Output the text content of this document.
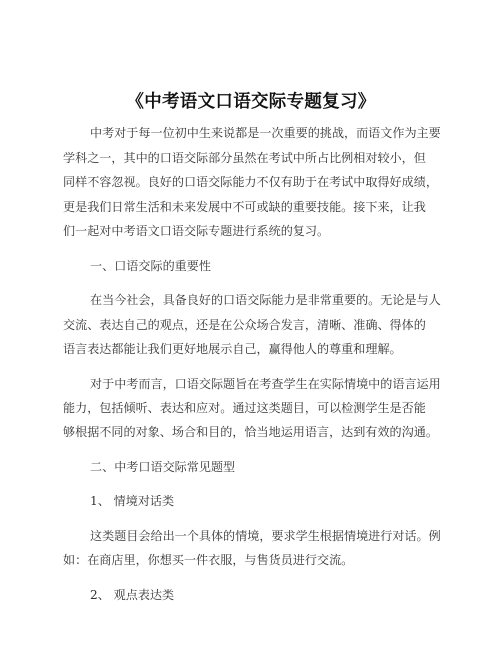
《中考语文口语交际专题复习》
中考对于每一位初中生来说都是一次重要的挑战，而语文作为主要
学科之一，其中的口语交际部分虽然在考试中所占比例相对较小，但
同样不容忽视。良好的口语交际能力不仅有助于在考试中取得好成绩，
更是我们日常生活和未来发展中不可或缺的重要技能。接下来，让我
们一起对中考语文口语交际专题进行系统的复习。
一、口语交际的重要性
在当今社会，具备良好的口语交际能力是非常重要的。无论是与人
交流、表达自己的观点，还是在公众场合发言，清晰、准确、得体的
语言表达都能让我们更好地展示自己，赢得他人的尊重和理解。
对于中考而言，口语交际题旨在考查学生在实际情境中的语言运用
能力，包括倾听、表达和应对。通过这类题目，可以检测学生是否能
够根据不同的对象、场合和目的，恰当地运用语言，达到有效的沟通。
二、中考口语交际常见题型
1、 情境对话类
这类题目会给出一个具体的情境，要求学生根据情境进行对话。例
如：在商店里，你想买一件衣服，与售货员进行交流。
2、 观点表达类
